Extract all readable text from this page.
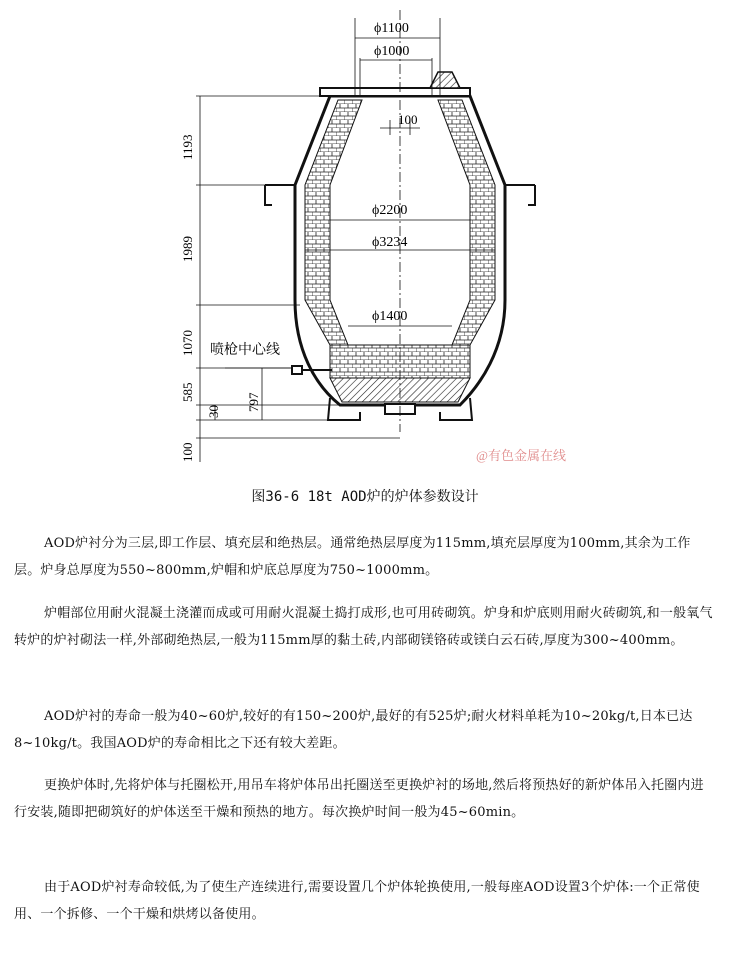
ϕ1100
ϕ1000
100
ϕ2200
ϕ3234
ϕ1400
1193
1989
1070
585
30 797
100
喷枪中心线
@有色金属在线
图36-6 18t AOD炉的炉体参数设计

AOD炉衬分为三层,即工作层、填充层和绝热层。通常绝热层厚度为115mm,填充层厚度为100mm,其余为工作层。炉身总厚度为550~800mm,炉帽和炉底总厚度为750~1000mm。

炉帽部位用耐火混凝土浇灌而成或可用耐火混凝土捣打成形,也可用砖砌筑。炉身和炉底则用耐火砖砌筑,和一般氧气转炉的炉衬砌法一样,外部砌绝热层,一般为115mm厚的黏土砖,内部砌镁铬砖或镁白云石砖,厚度为300~400mm。

AOD炉衬的寿命一般为40~60炉,较好的有150~200炉,最好的有525炉;耐火材料单耗为10~20kg/t,日本已达8~10kg/t。我国AOD炉的寿命相比之下还有较大差距。

更换炉体时,先将炉体与托圈松开,用吊车将炉体吊出托圈送至更换炉衬的场地,然后将预热好的新炉体吊入托圈内进行安装,随即把砌筑好的炉体送至干燥和预热的地方。每次换炉时间一般为45~60min。

由于AOD炉衬寿命较低,为了使生产连续进行,需要设置几个炉体轮换使用,一般每座AOD设置3个炉体:一个正常使用、一个拆修、一个干燥和烘烤以备使用。
